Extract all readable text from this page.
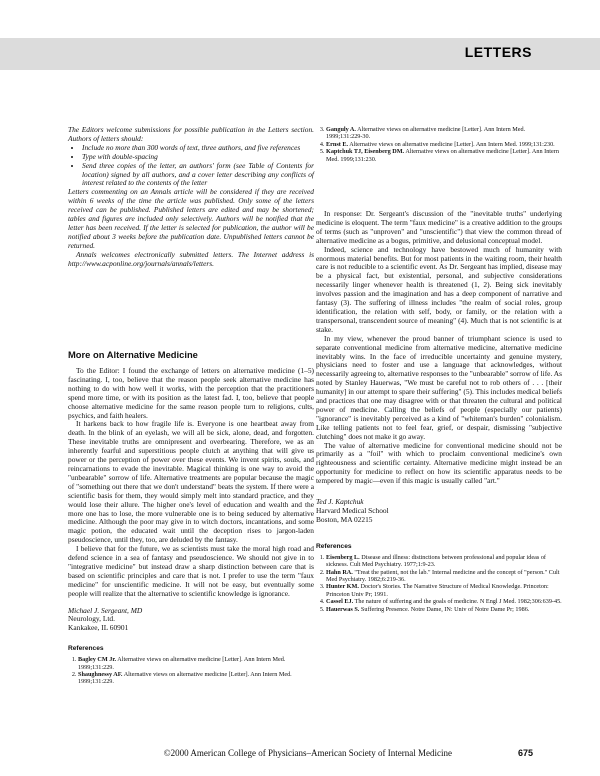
LETTERS

The Editors welcome submissions for possible publication in the Letters section. Authors of letters should:

• Include no more than 300 words of text, three authors, and five references
• Type with double-spacing
• Send three copies of the letter, an authors' form (see Table of Contents for location) signed by all authors, and a cover letter describing any conflicts of interest related to the contents of the letter

Letters commenting on an Annals article will be considered if they are received within 6 weeks of the time the article was published. Only some of the letters received can be published. Published letters are edited and may be shortened; tables and figures are included only selectively. Authors will be notified that the letter has been received. If the letter is selected for publication, the author will be notified about 3 weeks before the publication date. Unpublished letters cannot be returned.

Annals welcomes electronically submitted letters. The Internet address is http://www.acponline.org/journals/annals/letters.

More on Alternative Medicine

To the Editor: I found the exchange of letters on alternative medicine (1–5) fascinating. I, too, believe that the reason people seek alternative medicine has nothing to do with how well it works, with the perception that the practitioners spend more time, or with its position as the latest fad. I, too, believe that people choose alternative medicine for the same reason people turn to religions, cults, psychics, and faith healers.

It harkens back to how fragile life is. Everyone is one heartbeat away from death. In the blink of an eyelash, we will all be sick, alone, dead, and forgotten. These inevitable truths are omnipresent and overbearing. Therefore, we as an inherently fearful and superstitious people clutch at anything that will give us power or the perception of power over these events. We invent spirits, souls, and reincarnations to evade the inevitable. Magical thinking is one way to avoid the "unbearable" sorrow of life. Alternative treatments are popular because the magic of "something out there that we don't understand" beats the system. If there were a scientific basis for them, they would simply melt into standard practice, and they would lose their allure. The higher one's level of education and wealth and the more one has to lose, the more vulnerable one is to being seduced by alternative medicine. Although the poor may give in to witch doctors, incantations, and some magic potion, the educated wait until the deception rises to jargon-laden pseudoscience, until they, too, are deluded by the fantasy.

I believe that for the future, we as scientists must take the moral high road and defend science in a sea of fantasy and pseudoscience. We should not give in to "integrative medicine" but instead draw a sharp distinction between care that is based on scientific principles and care that is not. I prefer to use the term "faux medicine" for unscientific medicine. It will not be easy, but eventually some people will realize that the alternative to scientific knowledge is ignorance.

Michael J. Sergeant, MD
Neurology, Ltd.
Kankakee, IL 60901
References
1. Bagley CM Jr. Alternative views on alternative medicine [Letter]. Ann Intern Med. 1999;131:229.
2. Shaughnessy AF. Alternative views on alternative medicine [Letter]. Ann Intern Med. 1999;131:229.
3. Ganguly A. Alternative views on alternative medicine [Letter]. Ann Intern Med. 1999;131:229-30.
4. Ernst E. Alternative views on alternative medicine [Letter]. Ann Intern Med. 1999;131:230.
5. Kaptchuk TJ, Eisenberg DM. Alternative views on alternative medicine [Letter]. Ann Intern Med. 1999;131:230.

In response: Dr. Sergeant's discussion of the "inevitable truths" underlying medicine is eloquent. The term "faux medicine" is a creative addition to the groups of terms (such as "unproven" and "unscientific") that view the common thread of alternative medicine as a bogus, primitive, and delusional conceptual model.

Indeed, science and technology have bestowed much of humanity with enormous material benefits. But for most patients in the waiting room, their health care is not reducible to a scientific event. As Dr. Sergeant has implied, disease may be a physical fact, but existential, personal, and subjective considerations necessarily linger whenever health is threatened (1, 2). Being sick inevitably involves passion and the imagination and has a deep component of narrative and fantasy (3). The suffering of illness includes "the realm of social roles, group identification, the relation with self, body, or family, or the relation with a transpersonal, transcendent source of meaning" (4). Much that is not scientific is at stake.

In my view, whenever the proud banner of triumphant science is used to separate conventional medicine from alternative medicine, alternative medicine inevitably wins. In the face of irreducible uncertainty and genuine mystery, physicians need to foster and use a language that acknowledges, without necessarily agreeing to, alternative responses to the "unbearable" sorrow of life. As noted by Stanley Hauerwas, "We must be careful not to rob others of . . . [their humanity] in our attempt to spare their suffering" (5). This includes medical beliefs and practices that one may disagree with or that threaten the cultural and political power of medicine. Calling the beliefs of people (especially our patients) "ignorance" is inevitably perceived as a kind of "whiteman's burden" colonialism. Like telling patients not to feel fear, grief, or despair, dismissing "subjective clutching" does not make it go away.

The value of alternative medicine for conventional medicine should not be primarily as a "foil" with which to proclaim conventional medicine's own righteousness and scientific certainty. Alternative medicine might instead be an opportunity for medicine to reflect on how its scientific apparatus needs to be tempered by magic—even if this magic is usually called "art."

Ted J. Kaptchuk
Harvard Medical School
Boston, MA 02215
References
1. Eisenberg L. Disease and illness: distinctions between professional and popular ideas of sickness. Cult Med Psychiatry. 1977;1:9-23.
2. Hahn RA. "Treat the patient, not the lab." Internal medicine and the concept of "person." Cult Med Psychiatry. 1982;6:219-36.
3. Hunter KM. Doctor's Stories. The Narrative Structure of Medical Knowledge. Princeton: Princeton Univ Pr; 1991.
4. Cassel EJ. The nature of suffering and the goals of medicine. N Engl J Med. 1982;306:639-45.
5. Hauerwas S. Suffering Presence. Notre Dame, IN: Univ of Notre Dame Pr; 1986.
©2000 American College of Physicians–American Society of Internal Medicine	675
